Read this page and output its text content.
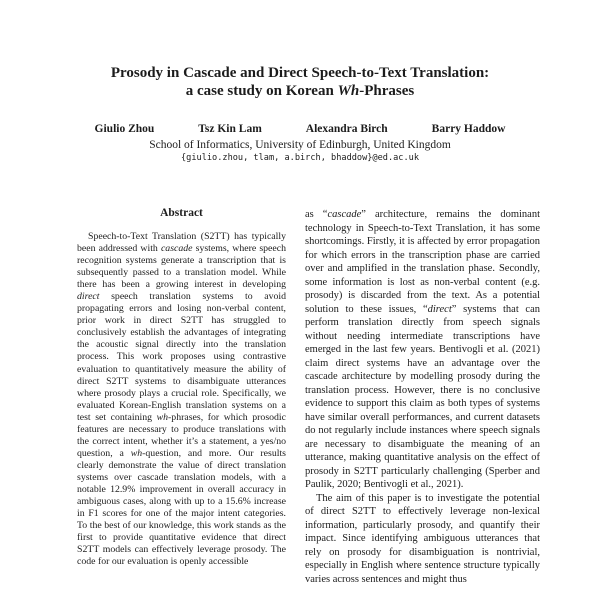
Prosody in Cascade and Direct Speech-to-Text Translation:
a case study on Korean Wh-Phrases
Giulio Zhou	Tsz Kin Lam	Alexandra Birch	Barry Haddow
School of Informatics, University of Edinburgh, United Kingdom
{giulio.zhou, tlam, a.birch, bhaddow}@ed.ac.uk
Abstract

Speech-to-Text Translation (S2TT) has typically been addressed with cascade systems, where speech recognition systems generate a transcription that is subsequently passed to a translation model. While there has been a growing interest in developing direct speech translation systems to avoid propagating errors and losing non-verbal content, prior work in direct S2TT has struggled to conclusively establish the advantages of integrating the acoustic signal directly into the translation process. This work proposes using contrastive evaluation to quantitatively measure the ability of direct S2TT systems to disambiguate utterances where prosody plays a crucial role. Specifically, we evaluated Korean-English translation systems on a test set containing wh-phrases, for which prosodic features are necessary to produce translations with the correct intent, whether it’s a statement, a yes/no question, a wh-question, and more. Our results clearly demonstrate the value of direct translation systems over cascade translation models, with a notable 12.9% improvement in overall accuracy in ambiguous cases, along with up to a 15.6% increase in F1 scores for one of the major intent categories. To the best of our knowledge, this work stands as the first to provide quantitative evidence that direct S2TT models can effectively leverage prosody. The code for our evaluation is openly accessible

as “cascade” architecture, remains the dominant technology in Speech-to-Text Translation, it has some shortcomings. Firstly, it is affected by error propagation for which errors in the transcription phase are carried over and amplified in the translation phase. Secondly, some information is lost as non-verbal content (e.g. prosody) is discarded from the text. As a potential solution to these issues, “direct” systems that can perform translation directly from speech signals without needing intermediate transcriptions have emerged in the last few years. Bentivogli et al. (2021) claim direct systems have an advantage over the cascade architecture by modelling prosody during the translation process. However, there is no conclusive evidence to support this claim as both types of systems have similar overall performances, and current datasets do not regularly include instances where speech signals are necessary to disambiguate the meaning of an utterance, making quantitative analysis on the effect of prosody in S2TT particularly challenging (Sperber and Paulik, 2020; Bentivogli et al., 2021).

The aim of this paper is to investigate the potential of direct S2TT to effectively leverage non-lexical information, particularly prosody, and quantify their impact. Since identifying ambiguous utterances that rely on prosody for disambiguation is nontrivial, especially in English where sentence structure typically varies across sentences and might thus
